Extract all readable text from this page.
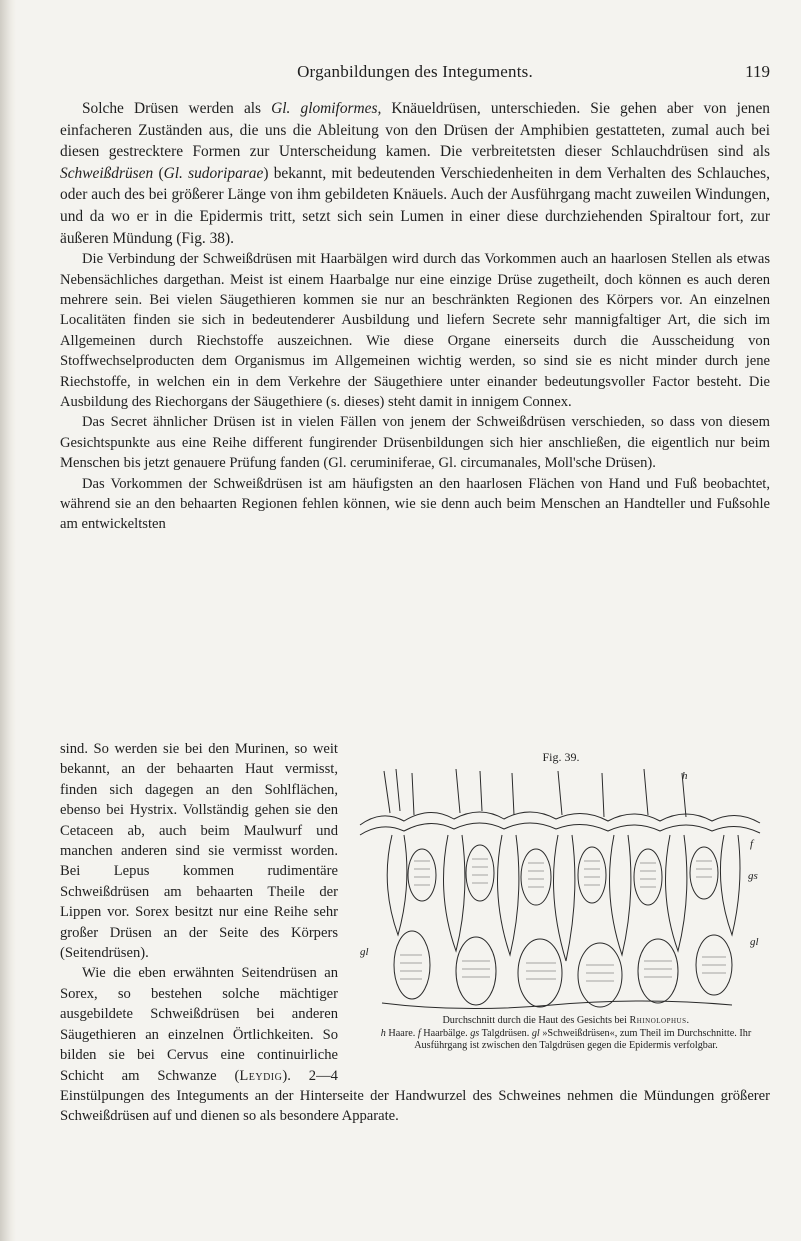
Organbildungen des Integuments.	119

Solche Drüsen werden als Gl. glomiformes, Knäueldrüsen, unterschieden. Sie gehen aber von jenen einfacheren Zuständen aus, die uns die Ableitung von den Drüsen der Amphibien gestatteten, zumal auch bei diesen gestrecktere Formen zur Unterscheidung kamen. Die verbreitetsten dieser Schlauchdrüsen sind als Schweißdrüsen (Gl. sudoriparae) bekannt, mit bedeutenden Verschiedenheiten in dem Verhalten des Schlauches, oder auch des bei größerer Länge von ihm gebildeten Knäuels. Auch der Ausführgang macht zuweilen Windungen, und da wo er in die Epidermis tritt, setzt sich sein Lumen in einer diese durchziehenden Spiraltour fort, zur äußeren Mündung (Fig. 38).

Die Verbindung der Schweißdrüsen mit Haarbälgen wird durch das Vorkommen auch an haarlosen Stellen als etwas Nebensächliches dargethan. Meist ist einem Haarbalge nur eine einzige Drüse zugetheilt, doch können es auch deren mehrere sein. Bei vielen Säugethieren kommen sie nur an beschränkten Regionen des Körpers vor. An einzelnen Localitäten finden sie sich in bedeutenderer Ausbildung und liefern Secrete sehr mannigfaltiger Art, die sich im Allgemeinen durch Riechstoffe auszeichnen. Wie diese Organe einerseits durch die Ausscheidung von Stoffwechselproducten dem Organismus im Allgemeinen wichtig werden, so sind sie es nicht minder durch jene Riechstoffe, in welchen ein in dem Verkehre der Säugethiere unter einander bedeutungsvoller Factor besteht. Die Ausbildung des Riechorgans der Säugethiere (s. dieses) steht damit in innigem Connex.

Das Secret ähnlicher Drüsen ist in vielen Fällen von jenem der Schweißdrüsen verschieden, so dass von diesem Gesichtspunkte aus eine Reihe different fungirender Drüsenbildungen sich hier anschließen, die eigentlich nur beim Menschen bis jetzt genauere Prüfung fanden (Gl. ceruminiferae, Gl. circumanales, Moll'sche Drüsen).

Das Vorkommen der Schweißdrüsen ist am häufigsten an den haarlosen Flächen von Hand und Fuß beobachtet, während sie an den behaarten Regionen fehlen können, wie sie denn auch beim Menschen an Handteller und Fußsohle am entwickeltsten

Fig. 39.
h
f
gs
gl
gl
Durchschnitt durch die Haut des Gesichts bei Rhinolophus.
h Haare. f Haarbälge. gs Talgdrüsen. gl »Schweißdrüsen«, zum Theil im Durchschnitte. Ihr Ausführgang ist zwischen den Talgdrüsen gegen die Epidermis verfolgbar.

sind. So werden sie bei den Murinen, so weit bekannt, an der behaarten Haut vermisst, finden sich dagegen an den Sohlflächen, ebenso bei Hystrix. Vollständig gehen sie den Cetaceen ab, auch beim Maulwurf und manchen anderen sind sie vermisst worden. Bei Lepus kommen rudimentäre Schweißdrüsen am behaarten Theile der Lippen vor. Sorex besitzt nur eine Reihe sehr großer Drüsen an der Seite des Körpers (Seitendrüsen).

Wie die eben erwähnten Seitendrüsen an Sorex, so bestehen solche mächtiger ausgebildete Schweißdrüsen bei anderen Säugethieren an einzelnen Örtlichkeiten. So bilden sie bei Cervus eine continuirliche Schicht am Schwanze (Leydig). 2—4 Einstülpungen des Integuments an der Hinterseite der Handwurzel des Schweines nehmen die Mündungen größerer Schweißdrüsen auf und dienen so als besondere Apparate.
